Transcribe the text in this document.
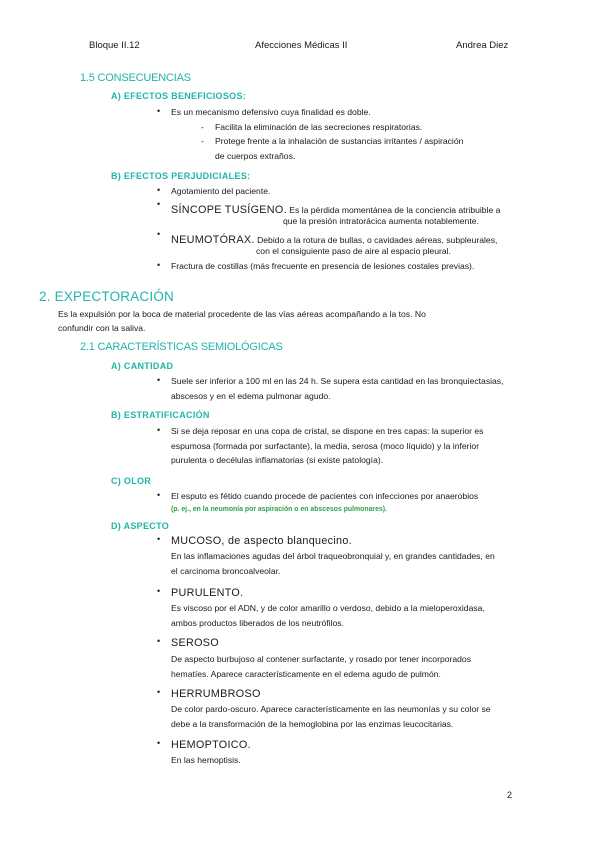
Bloque II.12	Afecciones Médicas II	Andrea Diez
1.5 CONSECUENCIAS
A) EFECTOS BENEFICIOSOS:
• Es un mecanismo defensivo cuya finalidad es doble.
- Facilita la eliminación de las secreciones respiratorias.
- Protege frente a la inhalación de sustancias irritantes / aspiración
de cuerpos extraños.
B) EFECTOS PERJUDICIALES:
• Agotamiento del paciente.
• SÍNCOPE TUSÍGENO. Es la pérdida momentánea de la conciencia atribuible a
que la presión intratorácica aumenta notablemente.
• NEUMOTÓRAX. Debido a la rotura de bullas, o cavidades aéreas, subpleurales,
con el consiguiente paso de aire al espacio pleural.
• Fractura de costillas (más frecuente en presencia de lesiones costales previas).
2. EXPECTORACIÓN
Es la expulsión por la boca de material procedente de las vías aéreas acompañando a la tos. No
confundir con la saliva.
2.1 CARACTERÍSTICAS SEMIOLÓGICAS
A) CANTIDAD
• Suele ser inferior a 100 ml en las 24 h. Se supera esta cantidad en las bronquiectasias,
abscesos y en el edema pulmonar agudo.
B) ESTRATIFICACIÓN
• Si se deja reposar en una copa de cristal, se dispone en tres capas: la superior es
espumosa (formada por surfactante), la media, serosa (moco líquido) y la inferior
purulenta o decélulas inflamatorias (si existe patología).
C) OLOR
• El esputo es fétido cuando procede de pacientes con infecciones por anaerobios
(p. ej., en la neumonía por aspiración o en abscesos pulmonares).
D) ASPECTO
• MUCOSO, de aspecto blanquecino.
En las inflamaciones agudas del árbol traqueobronquial y, en grandes cantidades, en
el carcinoma broncoalveolar.
• PURULENTO.
Es viscoso por el ADN, y de color amarillo o verdoso, debido a la mieloperoxidasa,
ambos productos liberados de los neutrófilos.
• SEROSO
De aspecto burbujoso al contener surfactante, y rosado por tener incorporados
hematíes. Aparece característicamente en el edema agudo de pulmón.
• HERRUMBROSO
De color pardo-oscuro. Aparece característicamente en las neumonías y su color se
debe a la transformación de la hemoglobina por las enzimas leucocitarias.
• HEMOPTOICO.
En las hemoptisis.
2
